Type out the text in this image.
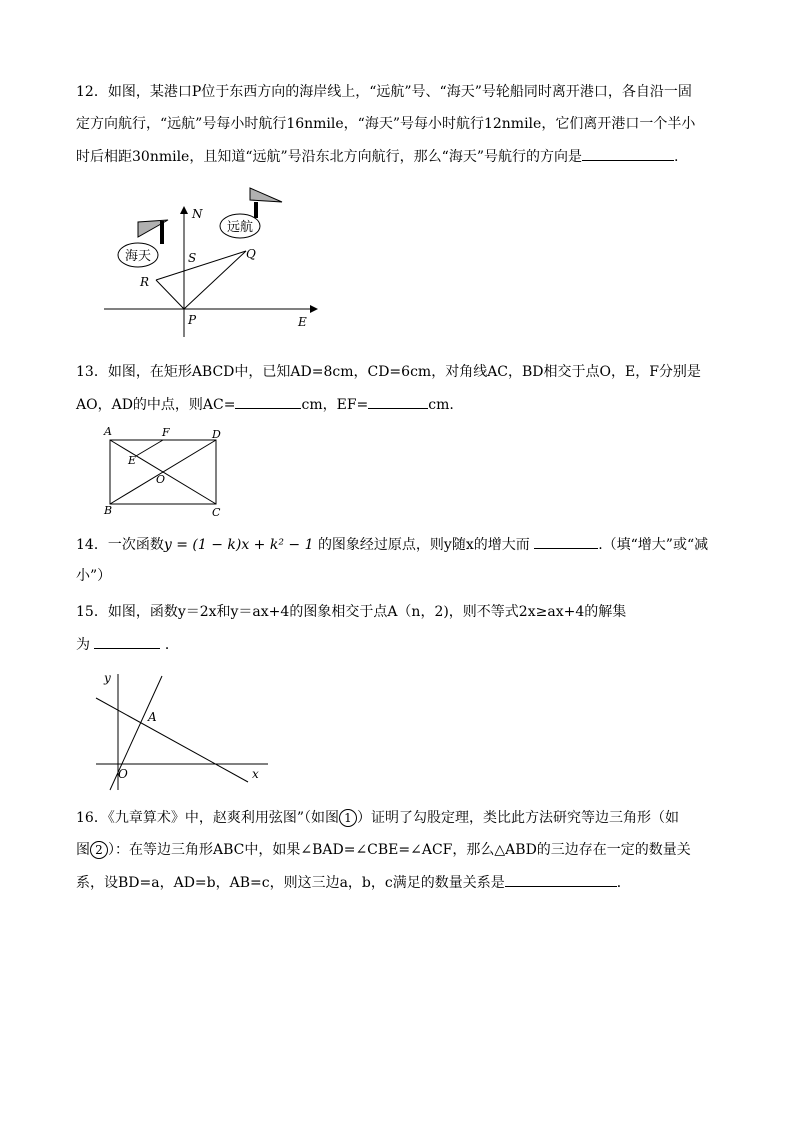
12．如图，某港口P位于东西方向的海岸线上，“远航”号、“海天”号轮船同时离开港口，各自沿一固
定方向航行，“远航”号每小时航行16nmile，“海天”号每小时航行12nmile，它们离开港口一个半小
时后相距30nmile，且知道“远航”号沿东北方向航行，那么“海天”号航行的方向是	.
海天
远航
N
E
S	Q
R
P
13．如图，在矩形ABCD中，已知AD=8cm，CD=6cm，对角线AC，BD相交于点O，E，F分别是
AO，AD的中点，则AC=	cm，EF=	cm.
A	F	D
E
O
B	C
14．一次函数y = (1 − k)x + k² − 1 的图象经过原点，则y随x的增大而	.（填“增大”或“减
小”）
15．如图，函数y＝2x和y＝ax+4的图象相交于点A（n，2)，则不等式2x≥ax+4的解集
为	．
y
A
O	x
16．《九章算术》中，赵爽利用弦图”（如图 1 ）证明了勾股定理，类比此方法研究等边三角形（如
图 2 ）：在等边三角形ABC中，如果∠BAD=∠CBE=∠ACF，那么△ABD的三边存在一定的数量关
系，设BD=a，AD=b，AB=c，则这三边a，b，c满足的数量关系是	．
